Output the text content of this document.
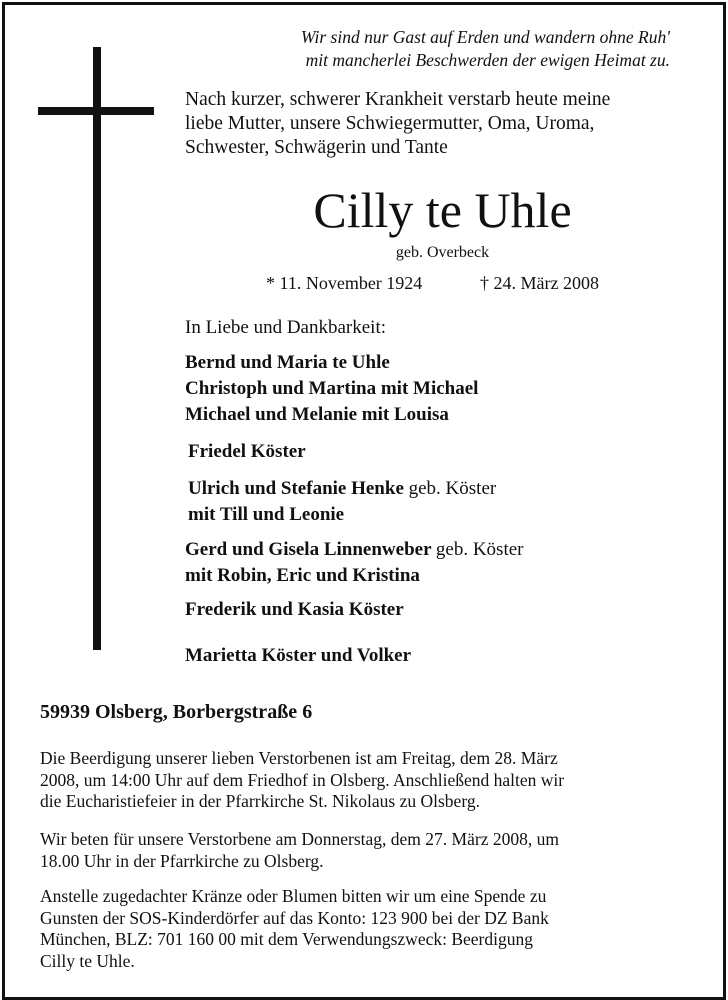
Wir sind nur Gast auf Erden und wandern ohne Ruh'
mit mancherlei Beschwerden der ewigen Heimat zu.
Nach kurzer, schwerer Krankheit verstarb heute meine
liebe Mutter, unsere Schwiegermutter, Oma, Uroma,
Schwester, Schwägerin und Tante
Cilly te Uhle
geb. Overbeck
* 11. November 1924	† 24. März 2008
In Liebe und Dankbarkeit:
Bernd und Maria te Uhle
Christoph und Martina mit Michael
Michael und Melanie mit Louisa
Friedel Köster
Ulrich und Stefanie Henke geb. Köster
mit Till und Leonie
Gerd und Gisela Linnenweber geb. Köster
mit Robin, Eric und Kristina
Frederik und Kasia Köster
Marietta Köster und Volker
59939 Olsberg, Borbergstraße 6

Die Beerdigung unserer lieben Verstorbenen ist am Freitag, dem 28. März

2008, um 14:00 Uhr auf dem Friedhof in Olsberg. Anschließend halten wir

die Eucharistiefeier in der Pfarrkirche St. Nikolaus zu Olsberg.

Wir beten für unsere Verstorbene am Donnerstag, dem 27. März 2008, um

18.00 Uhr in der Pfarrkirche zu Olsberg.

Anstelle zugedachter Kränze oder Blumen bitten wir um eine Spende zu

Gunsten der SOS-Kinderdörfer auf das Konto: 123 900 bei der DZ Bank

München, BLZ: 701 160 00 mit dem Verwendungszweck: Beerdigung

Cilly te Uhle.
